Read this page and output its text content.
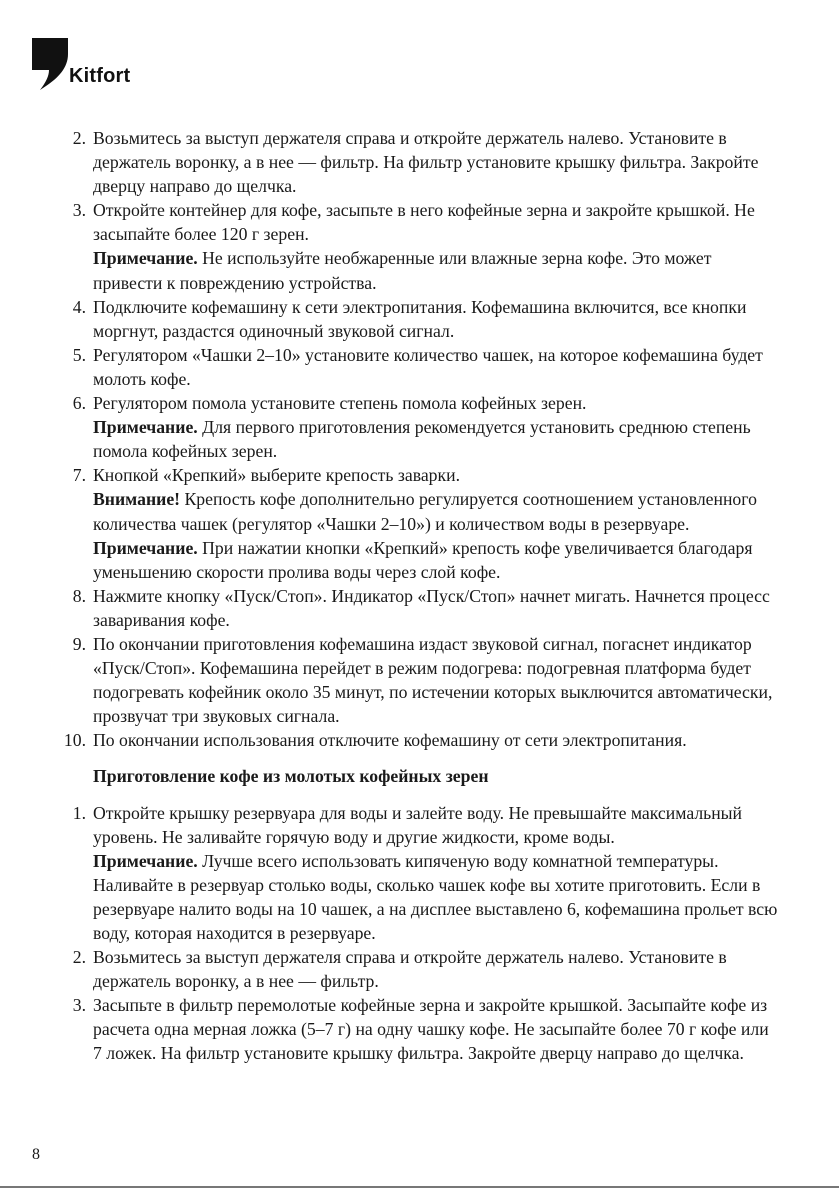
Kitfort
2. Возьмитесь за выступ держателя справа и откройте держатель налево. Установите в держатель воронку, а в нее — фильтр. На фильтр установите крышку фильтра. Закройте дверцу направо до щелчка.
3. Откройте контейнер для кофе, засыпьте в него кофейные зерна и закройте крышкой. Не засыпайте более 120 г зерен.
Примечание. Не используйте необжаренные или влажные зерна кофе. Это может привести к повреждению устройства.
4. Подключите кофемашину к сети электропитания. Кофемашина включится, все кнопки моргнут, раздастся одиночный звуковой сигнал.
5. Регулятором «Чашки 2–10» установите количество чашек, на которое кофемашина будет молоть кофе.
6. Регулятором помола установите степень помола кофейных зерен.
Примечание. Для первого приготовления рекомендуется установить среднюю степень помола кофейных зерен.
7. Кнопкой «Крепкий» выберите крепость заварки.
Внимание! Крепость кофе дополнительно регулируется соотношением установленного количества чашек (регулятор «Чашки 2–10») и количеством воды в резервуаре.
Примечание. При нажатии кнопки «Крепкий» крепость кофе увеличивается благодаря уменьшению скорости пролива воды через слой кофе.
8. Нажмите кнопку «Пуск/Стоп». Индикатор «Пуск/Стоп» начнет мигать. Начнется процесс заваривания кофе.
9. По окончании приготовления кофемашина издаст звуковой сигнал, погаснет индикатор «Пуск/Стоп». Кофемашина перейдет в режим подогрева: подогревная платформа будет подогревать кофейник около 35 минут, по истечении которых выключится автоматически, прозвучат три звуковых сигнала.
10. По окончании использования отключите кофемашину от сети электропитания.
Приготовление кофе из молотых кофейных зерен
1. Откройте крышку резервуара для воды и залейте воду. Не превышайте максимальный уровень. Не заливайте горячую воду и другие жидкости, кроме воды.
Примечание. Лучше всего использовать кипяченую воду комнатной температуры. Наливайте в резервуар столько воды, сколько чашек кофе вы хотите приготовить. Если в резервуаре налито воды на 10 чашек, а на дисплее выставлено 6, кофемашина прольет всю воду, которая находится в резервуаре.
2. Возьмитесь за выступ держателя справа и откройте держатель налево. Установите в держатель воронку, а в нее — фильтр.
3. Засыпьте в фильтр перемолотые кофейные зерна и закройте крышкой. Засыпайте кофе из расчета одна мерная ложка (5–7 г) на одну чашку кофе. Не засыпайте более 70 г кофе или 7 ложек. На фильтр установите крышку фильтра. Закройте дверцу направо до щелчка.
8
